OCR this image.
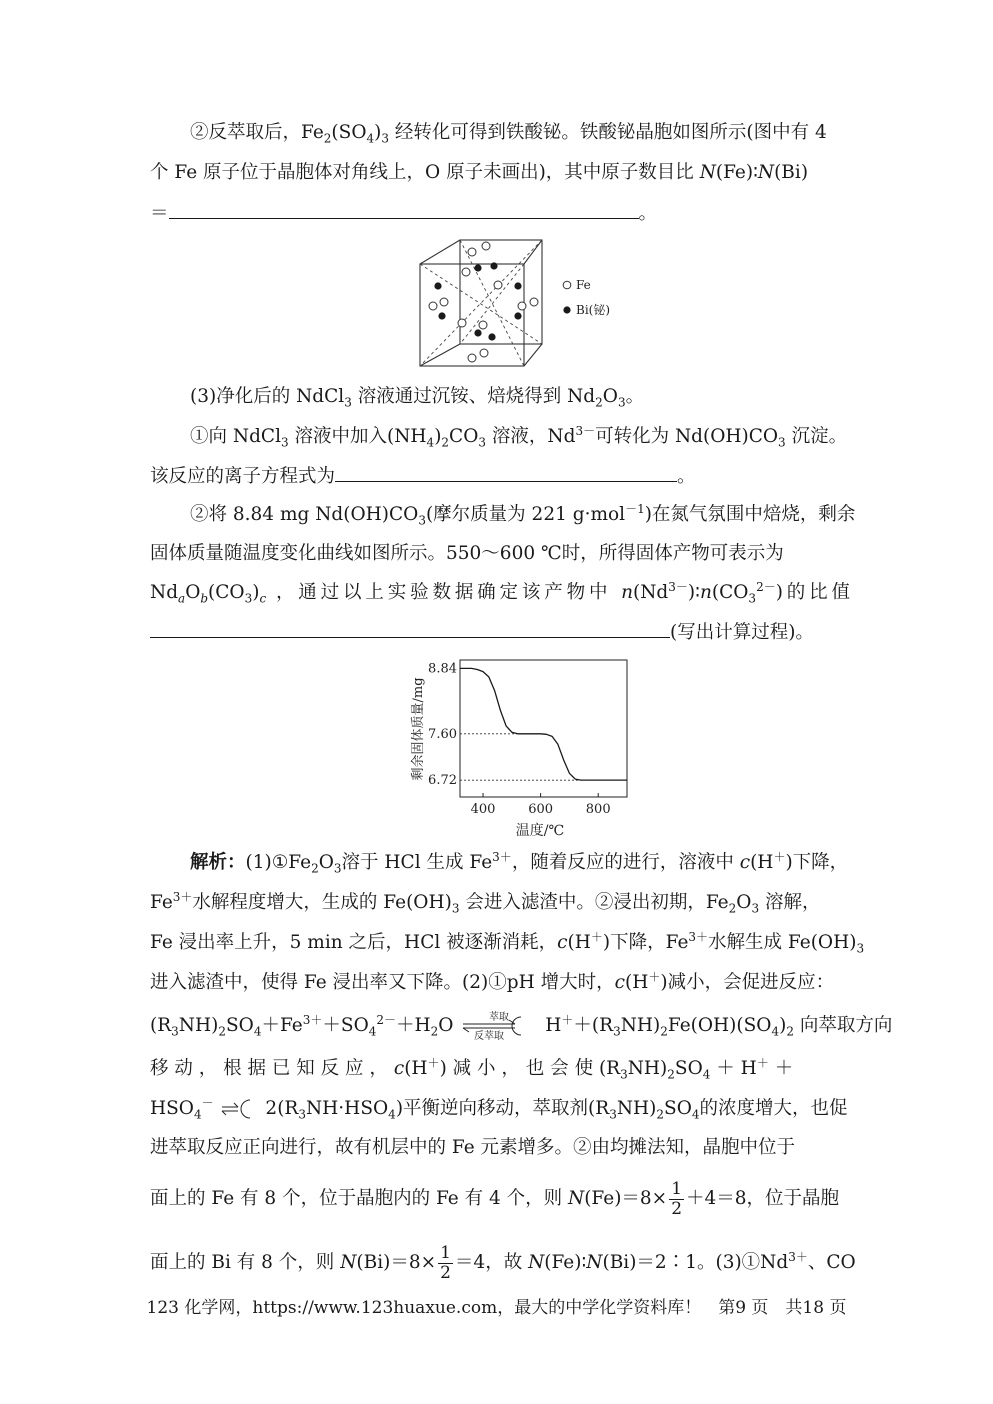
②反萃取后，$Fe_2(SO_4)_3$ 经转化可得到铁酸铋。铁酸铋晶胞如图所示(图中有 4
个 Fe 原子位于晶胞体对角线上，O 原子未画出)，其中原子数目比 N(Fe)∶N(Bi)
＝	。
Fe
Bi(铋)
(3)净化后的 NdCl$_3$ 溶液通过沉铵、焙烧得到 $Nd_2O_3$。
①向 NdCl$_3$ 溶液中加入$(NH_4)_2CO_3$ 溶液，$Nd^{3-}$可转化为 $Nd(OH)CO_3$ 沉淀。
该反应的离子方程式为	。
②将 8.84 mg $Nd(OH)CO_3$(摩尔质量为 221 g·mol$^{-1}$)在氮气氛围中焙烧，剩余
固体质量随温度变化曲线如图所示。550～600 ℃时，所得固体产物可表示为
$Nd_aO_b(CO_3)_c$ ，通过以上实验数据确定该产物中 $n(Nd^{3-})∶n(CO_3^{2-})$的比值
(写出计算过程)。
剩余固体质量/mg
温度/℃
8.84
7.60
6.72
400	600	800
解析：$(1)①Fe_2O_3$溶于 HCl 生成 $Fe^{3+}$，随着反应的进行，溶液中 c(H＋)下降，
$Fe^{3+}$水解程度增大，生成的 $Fe(OH)_3$ 会进入滤渣中。②浸出初期，$Fe_2O_3$ 溶解，
Fe 浸出率上升，5 min 之后，HCl 被逐渐消耗，c(H＋)下降，$Fe^{3+}$水解生成 $Fe(OH)_3$
进入滤渣中，使得 Fe 浸出率又下降。(2)①pH 增大时，c(H＋)减小，会促进反应：
$(R_3NH)_2SO_4+Fe^{3+}+SO_4^{2-}+H_2O$	萃取
反萃取
$H^++(R_3NH)_2Fe(OH)(SO_4)_2$ 向萃取方向
移 动 ， 根 据 已 知 反 应 ， c(H＋) 减 小 ， 也 会 使 $(R_3NH)_2SO_4 + H^+$ ＋
$HSO_4^-$	$2(R_3NH\cdot HSO_4)$平衡逆向移动，萃取剂$(R_3NH)_2SO_4$的浓度增大，也促
进萃取反应正向进行，故有机层中的 Fe 元素增多。②由均摊法知，晶胞中位于
面上的 Fe 有 8 个，位于晶胞内的 Fe 有 4 个，则 $N(Fe)=8\times \frac{1}{2} +4=8$，位于晶胞
面上的 Bi 有 8 个，则 $N(Bi)=8\times \frac{1}{2} =4$，故 N(Fe)∶N(Bi)＝2∶1。$(3)①Nd^{3+}$、CO
123 化学网，https://www.123huaxue.com，最大的中学化学资料库！　第9 页　共18 页
